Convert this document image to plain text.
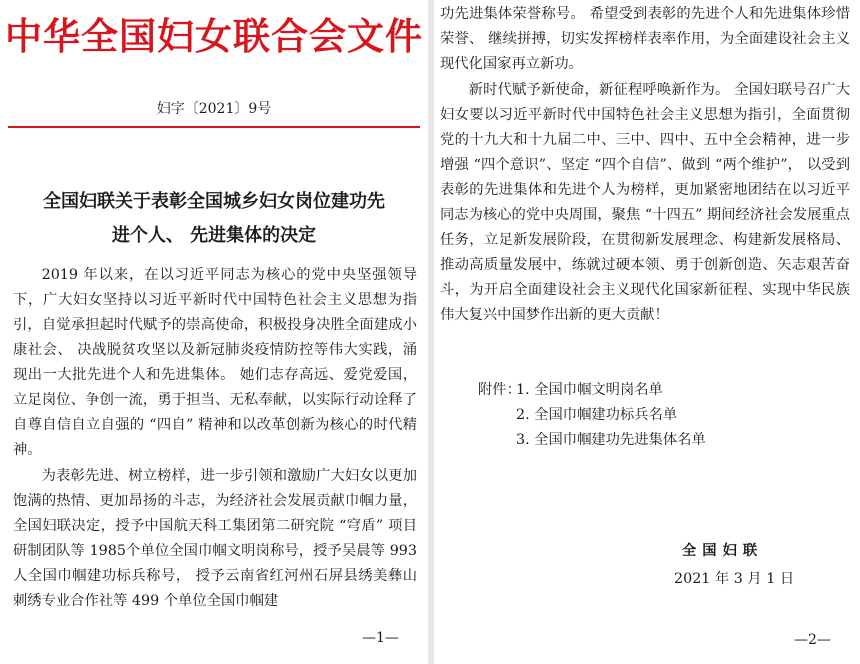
中华全国妇女联合会文件
妇字〔2021〕9号
全国妇联关于表彰全国城乡妇女岗位建功先
进个人、 先进集体的决定

2019 年以来，在以习近平同志为核心的党中央坚强领导下，广大妇女坚持以习近平新时代中国特色社会主义思想为指引，自觉承担起时代赋予的崇高使命，积极投身决胜全面建成小康社会、 决战脱贫攻坚以及新冠肺炎疫情防控等伟大实践，涌现出一大批先进个人和先进集体。 她们志存高远、爱党爱国，立足岗位、争创一流，勇于担当、无私奉献，以实际行动诠释了自尊自信自立自强的 “四自” 精神和以改革创新为核心的时代精神。

为表彰先进、树立榜样，进一步引领和激励广大妇女以更加饱满的热情、更加昂扬的斗志，为经济社会发展贡献巾帼力量，全国妇联决定，授予中国航天科工集团第二研究院 “穹盾” 项目研制团队等 1985个单位全国巾帼文明岗称号，授予吴晨等 993 人全国巾帼建功标兵称号， 授予云南省红河州石屏县绣美彝山刺绣专业合作社等 499 个单位全国巾帼建

—1—

功先进集体荣誉称号。 希望受到表彰的先进个人和先进集体珍惜荣誉、 继续拼搏，切实发挥榜样表率作用，为全面建设社会主义现代化国家再立新功。

新时代赋予新使命，新征程呼唤新作为。 全国妇联号召广大妇女要以习近平新时代中国特色社会主义思想为指引，全面贯彻党的十九大和十九届二中、三中、四中、五中全会精神，进一步增强 “四个意识”、坚定 “四个自信”、做到 “两个维护”， 以受到表彰的先进集体和先进个人为榜样，更加紧密地团结在以习近平同志为核心的党中央周围，聚焦 “十四五” 期间经济社会发展重点任务，立足新发展阶段，在贯彻新发展理念、构建新发展格局、推动高质量发展中，练就过硬本领、勇于创新创造、矢志艰苦奋斗，为开启全面建设社会主义现代化国家新征程、实现中华民族伟大复兴中国梦作出新的更大贡献！

附件：
1. 全国巾帼文明岗名单
2. 全国巾帼建功标兵名单
3. 全国巾帼建功先进集体名单
全国妇联
2021 年 3 月 1 日
—2—
